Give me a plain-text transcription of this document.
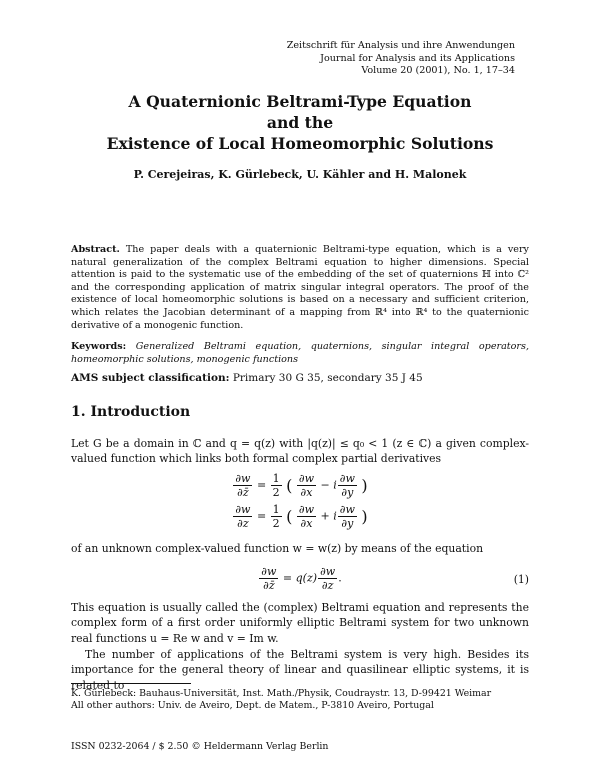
Zeitschrift für Analysis und ihre Anwendungen
Journal for Analysis and its Applications
Volume 20 (2001), No. 1, 17–34
A Quaternionic Beltrami-Type Equation
and the
Existence of Local Homeomorphic Solutions
P. Cerejeiras, K. Gürlebeck, U. Kähler and H. Malonek
Abstract. The paper deals with a quaternionic Beltrami-type equation, which is a very natural generalization of the complex Beltrami equation to higher dimensions. Special attention is paid to the systematic use of the embedding of the set of quaternions ℍ into ℂ² and the corresponding application of matrix singular integral operators. The proof of the existence of local homeomorphic solutions is based on a necessary and sufficient criterion, which relates the Jacobian determinant of a mapping from ℝ⁴ into ℝ⁴ to the quaternionic derivative of a monogenic function.
Keywords: Generalized Beltrami equation, quaternions, singular integral operators, homeomorphic solutions, monogenic functions
AMS subject classification: Primary 30 G 35, secondary 35 J 45
1. Introduction
Let G be a domain in ℂ and q = q(z) with |q(z)| ≤ q₀ < 1 (z ∈ ℂ) a given complex-valued function which links both formal complex partial derivatives
$\frac{\partial w}{\partial z̄} = \frac{1}{2}$ ( $\frac{\partial w}{\partial x} - i \frac{\partial w}{\partial y}$ )
$\frac{\partial w}{\partial z} = \frac{1}{2}$ ( $\frac{\partial w}{\partial x} + i \frac{\partial w}{\partial y}$ )
of an unknown complex-valued function w = w(z) by means of the equation
$\frac{\partial w}{\partial z̄} = q(z) \frac{\partial w}{\partial z}$ .	(1)
This equation is usually called the (complex) Beltrami equation and represents the complex form of a first order uniformly elliptic Beltrami system for two unknown real functions u = Re w and v = Im w.
The number of applications of the Beltrami system is very high. Besides its importance for the general theory of linear and quasilinear elliptic systems, it is related to
K. Gürlebeck: Bauhaus-Universität, Inst. Math./Physik, Coudraystr. 13, D-99421 Weimar
All other authors: Univ. de Aveiro, Dept. de Matem., P-3810 Aveiro, Portugal
ISSN 0232-2064 / $ 2.50 © Heldermann Verlag Berlin
